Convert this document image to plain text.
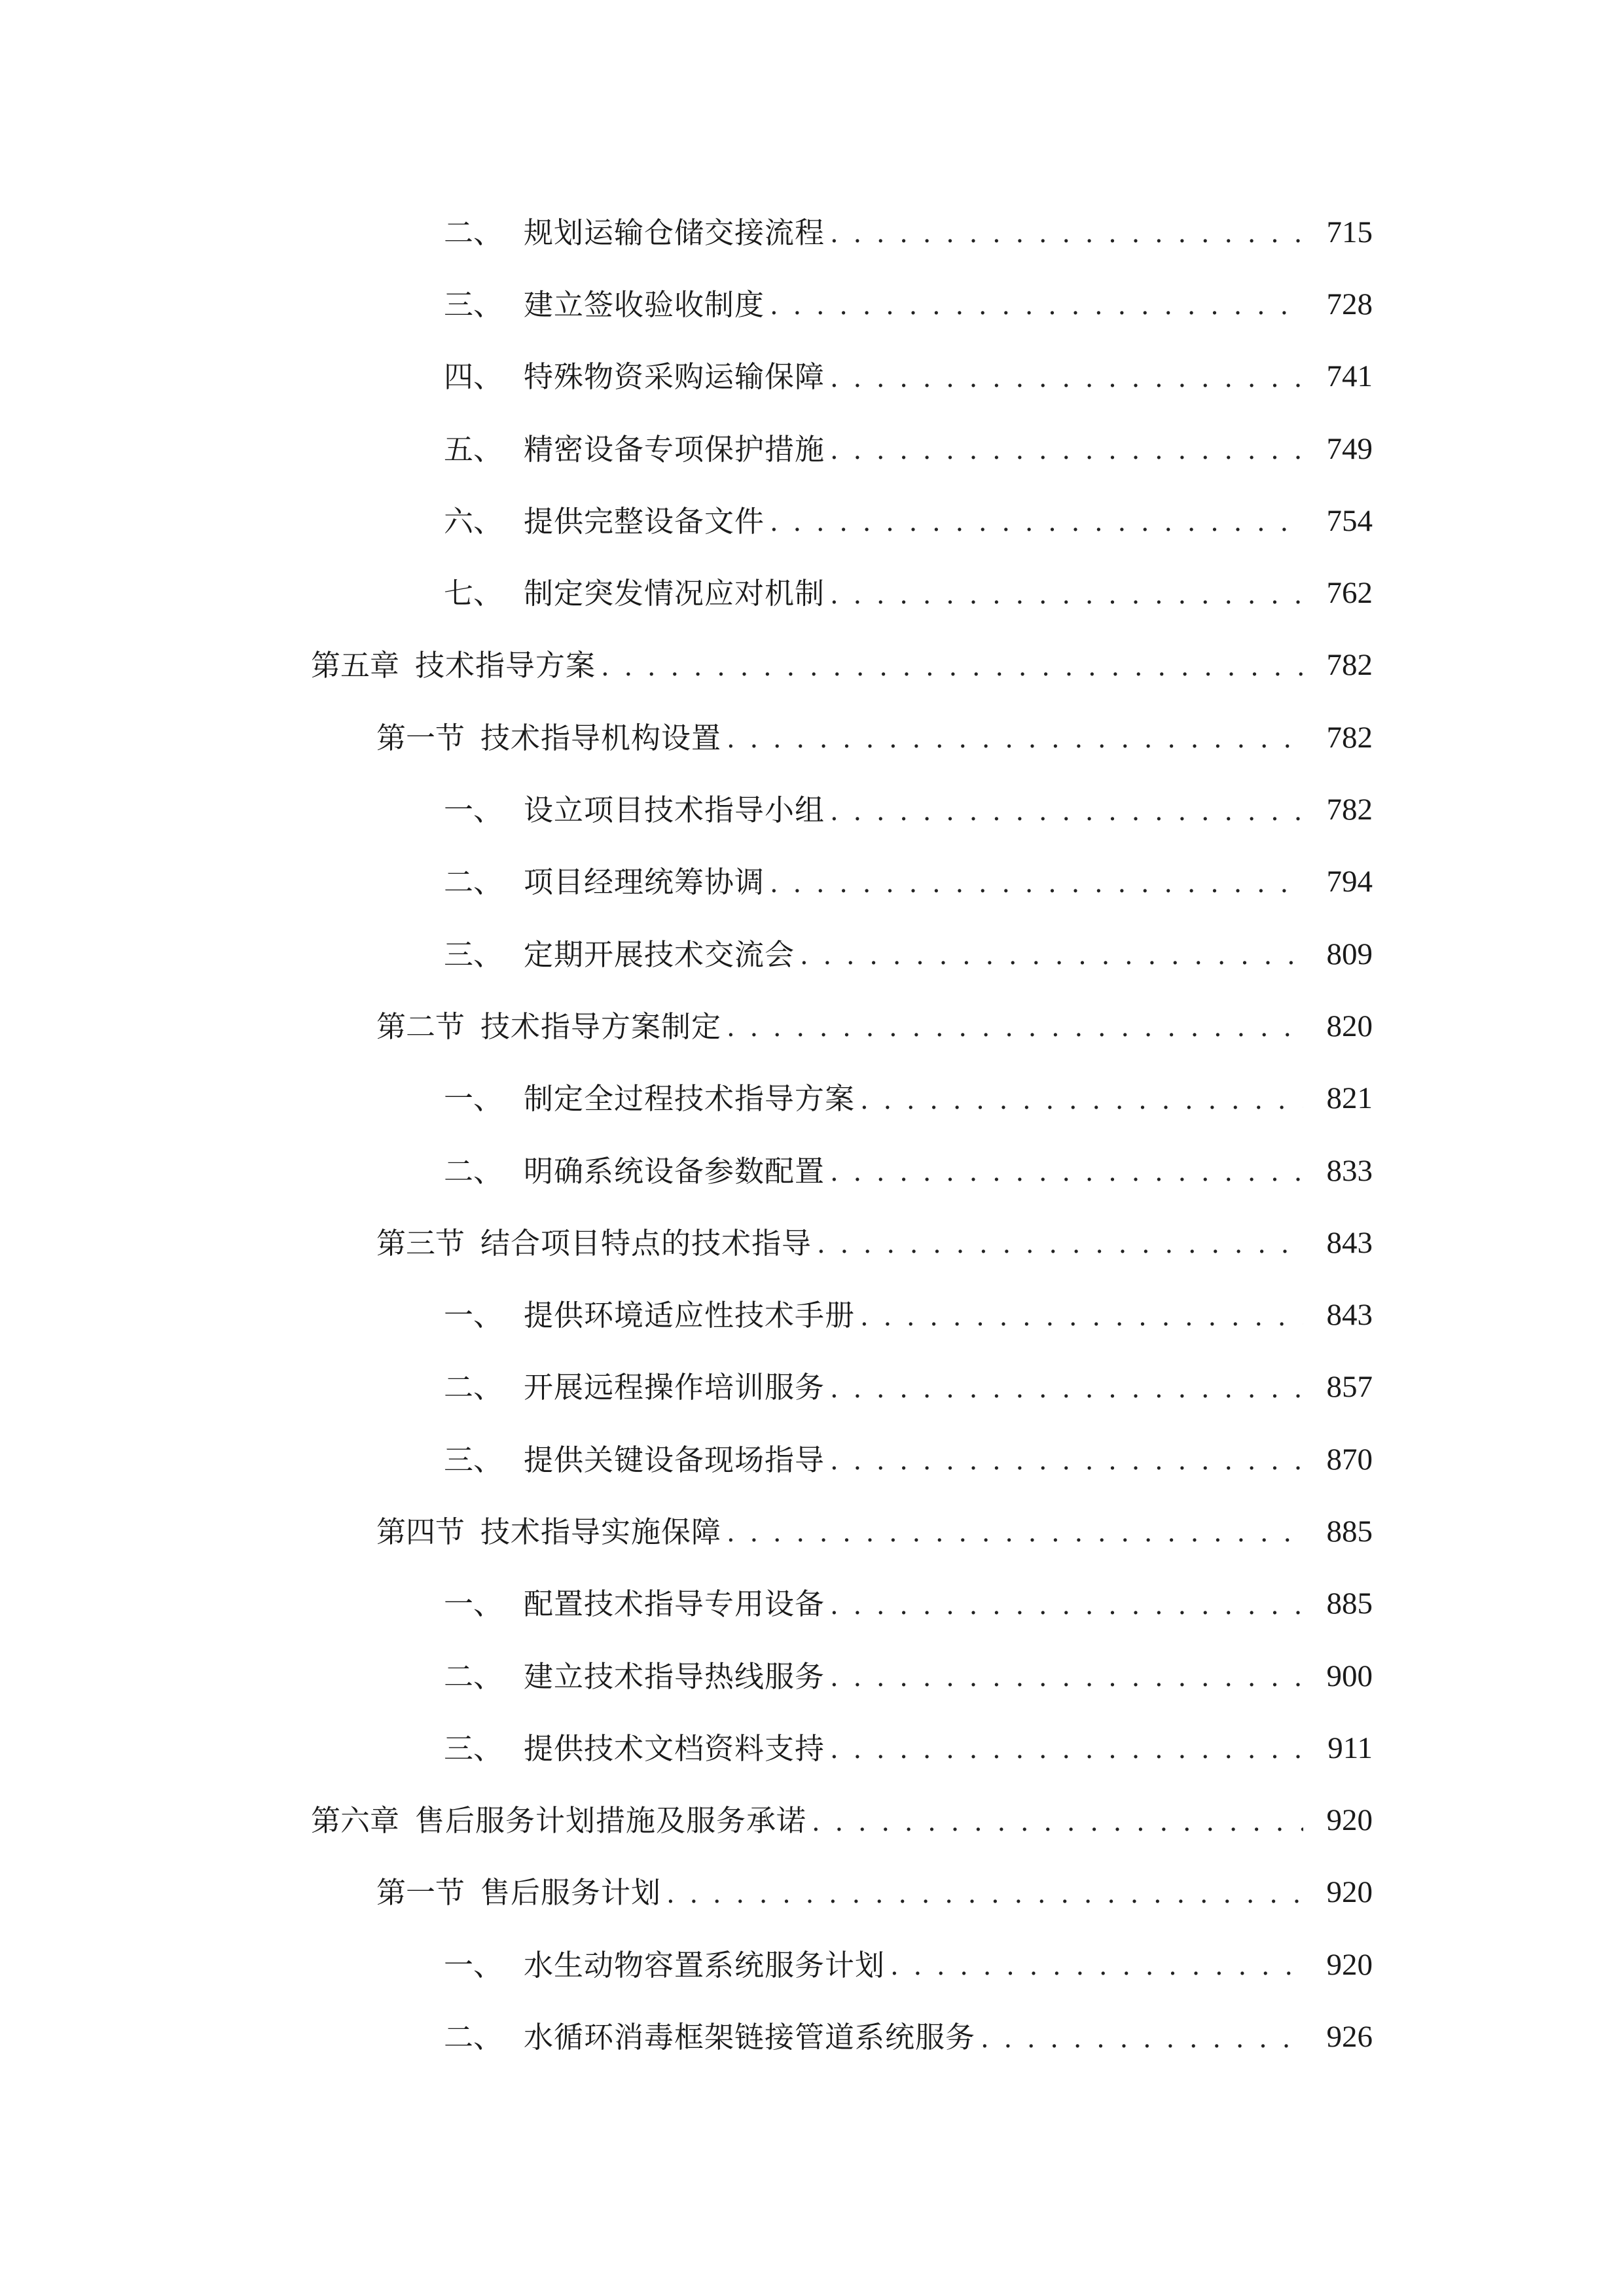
二、 规划运输仓储交接流程 . . .	715
三、 建立签收验收制度 . . .	728
四、 特殊物资采购运输保障 . . .	741
五、 精密设备专项保护措施 . . .	749
六、 提供完整设备文件 . . .	754
七、 制定突发情况应对机制 . . .	762
第五章 技术指导方案 . . .	782
第一节 技术指导机构设置 . . .	782
一、 设立项目技术指导小组 . . .	782
二、 项目经理统筹协调 . . .	794
三、 定期开展技术交流会 . . .	809
第二节 技术指导方案制定 . . .	820
一、 制定全过程技术指导方案 . . .	821
二、 明确系统设备参数配置 . . .	833
第三节 结合项目特点的技术指导 . . .	843
一、 提供环境适应性技术手册 . . .	843
二、 开展远程操作培训服务 . . .	857
三、 提供关键设备现场指导 . . .	870
第四节 技术指导实施保障 . . .	885
一、 配置技术指导专用设备 . . .	885
二、 建立技术指导热线服务 . . .	900
三、 提供技术文档资料支持 . . .	911
第六章 售后服务计划措施及服务承诺 . . .	920
第一节 售后服务计划 . . .	920
一、 水生动物容置系统服务计划 . . .	920
二、 水循环消毒框架链接管道系统服务 . . .	926
